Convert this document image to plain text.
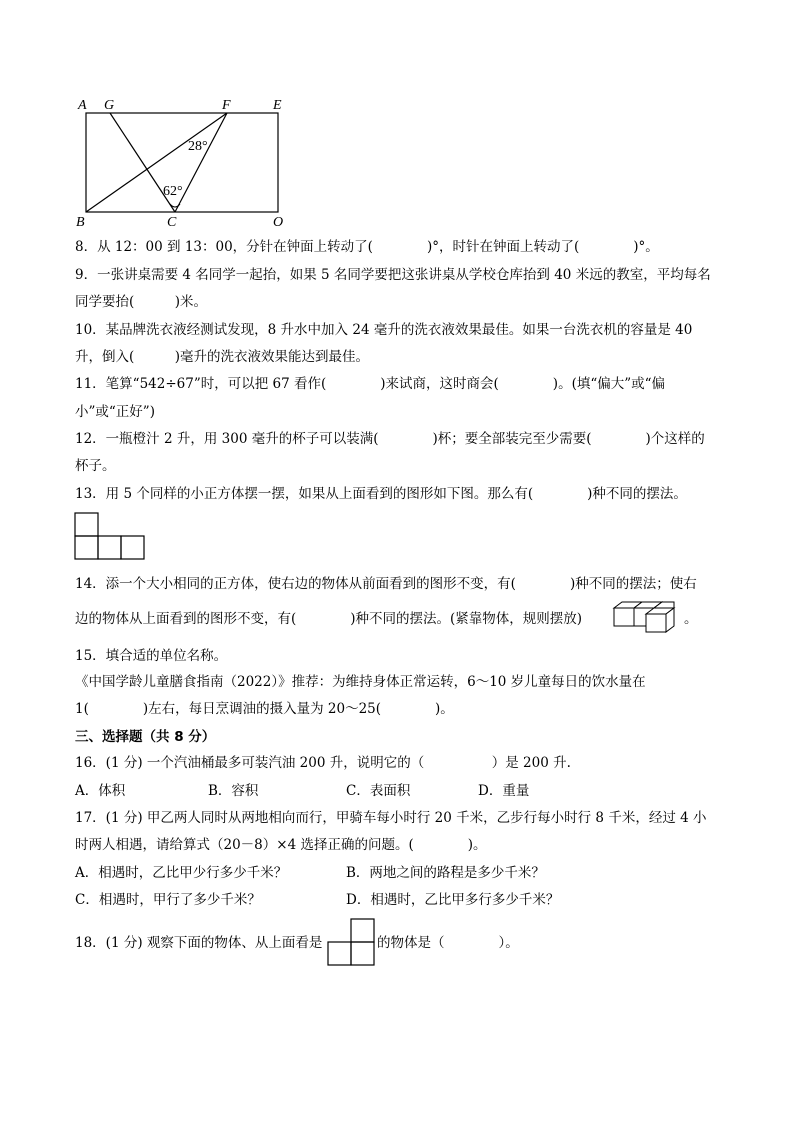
A G	F	E
B	C	O
28°
62°
8．从 12：00 到 13：00，分针在钟面上转动了(　　　　)°，时针在钟面上转动了(　　　　)°。
9．一张讲桌需要 4 名同学一起抬，如果 5 名同学要把这张讲桌从学校仓库抬到 40 米远的教室，平均每名
同学要抬(　　　)米。
10．某品牌洗衣液经测试发现，8 升水中加入 24 毫升的洗衣液效果最佳。如果一台洗衣机的容量是 40
升，倒入(　　　)毫升的洗衣液效果能达到最佳。
11．笔算“542÷67”时，可以把 67 看作(　　　　)来试商，这时商会(　　　　)。(填“偏大”或“偏
小”或“正好”)
12．一瓶橙汁 2 升，用 300 毫升的杯子可以装满(　　　　)杯；要全部装完至少需要(　　　　)个这样的
杯子。
13．用 5 个同样的小正方体摆一摆，如果从上面看到的图形如下图。那么有(　　　　)种不同的摆法。
14．添一个大小相同的正方体，使右边的物体从前面看到的图形不变，有(　　　　)种不同的摆法；使右
边的物体从上面看到的图形不变，有(　　　　)种不同的摆法。(紧靠物体，规则摆放)	。
15．填合适的单位名称。
《中国学龄儿童膳食指南（2022）》推荐：为维持身体正常运转，6～10 岁儿童每日的饮水量在
1(　　　　)左右，每日烹调油的摄入量为 20～25(　　　　)。
三、选择题（共 8 分）
16．(1 分) 一个汽油桶最多可装汽油 200 升，说明它的（　　　　　）是 200 升.
A．体积	B．容积	C．表面积	D．重量
17．(1 分) 甲乙两人同时从两地相向而行，甲骑车每小时行 20 千米，乙步行每小时行 8 千米，经过 4 小
时两人相遇，请给算式（20－8）×4 选择正确的问题。(　　　　)。
A．相遇时，乙比甲少行多少千米？	B．两地之间的路程是多少千米？
C．相遇时，甲行了多少千米？	D．相遇时，乙比甲多行多少千米？
18．(1 分) 观察下面的物体、从上面看是	的物体是（　　　　）。
